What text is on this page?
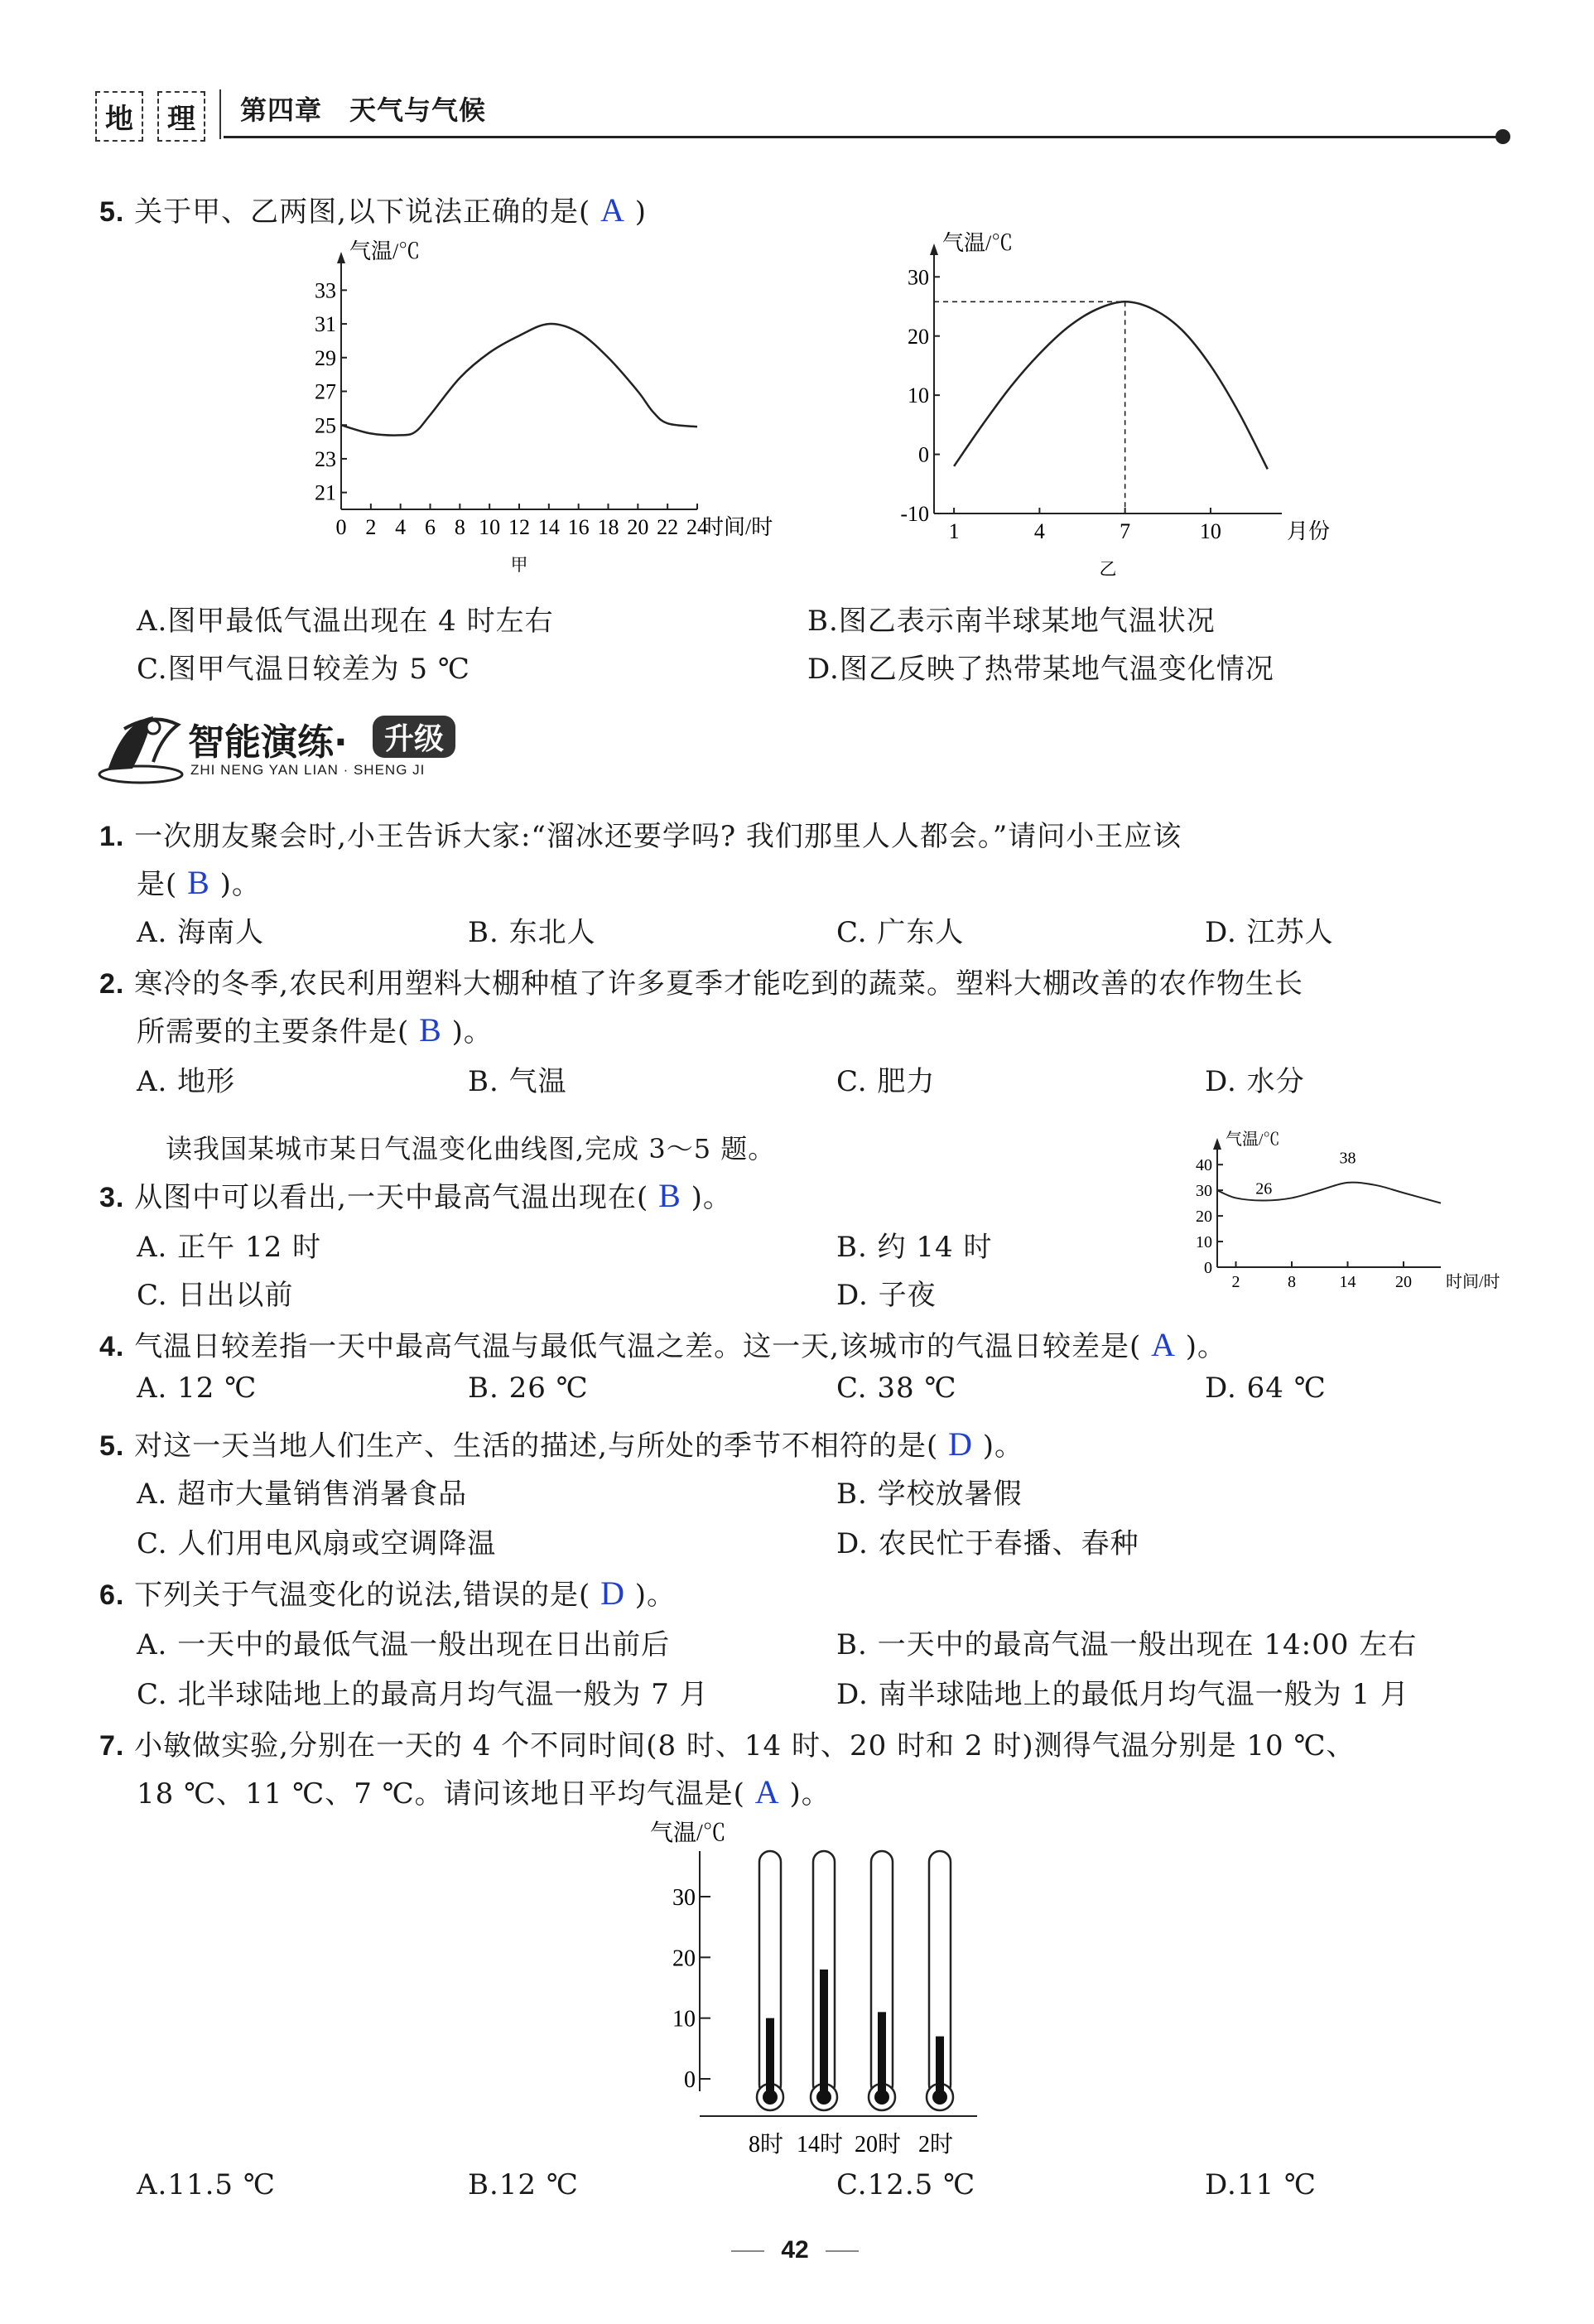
地	理	第四章　天气与气候
5. 关于甲、乙两图,以下说法正确的是( A )
21
23
25
27
29
31
33
0 2 4 6 8 10 12 14 16 18 20 22 24
气温/℃
时间/时
甲
-10
0
10
20
30
1	4	7	10
气温/℃
月份
乙
A.图甲最低气温出现在 4 时左右	B.图乙表示南半球某地气温状况
C.图甲气温日较差为 5 ℃	D.图乙反映了热带某地气温变化情况
智能演练·	升级
ZHI NENG YAN LIAN · SHENG JI
1. 一次朋友聚会时,小王告诉大家:“溜冰还要学吗? 我们那里人人都会。”请问小王应该
是( B )。
A. 海南人	B. 东北人	C. 广东人	D. 江苏人
2. 寒冷的冬季,农民利用塑料大棚种植了许多夏季才能吃到的蔬菜。塑料大棚改善的农作物生长
所需要的主要条件是( B )。
A. 地形	B. 气温	C. 肥力	D. 水分
读我国某城市某日气温变化曲线图,完成 3～5 题。
0
10
20
30
40
2	8	14 20
气温/℃
时间/时
26
38
3. 从图中可以看出,一天中最高气温出现在( B )。
A. 正午 12 时	B. 约 14 时
C. 日出以前	D. 子夜
4. 气温日较差指一天中最高气温与最低气温之差。这一天,该城市的气温日较差是( A )。
A. 12 ℃	B. 26 ℃	C. 38 ℃	D. 64 ℃
5. 对这一天当地人们生产、生活的描述,与所处的季节不相符的是( D )。
A. 超市大量销售消暑食品	B. 学校放暑假
C. 人们用电风扇或空调降温	D. 农民忙于春播、春种
6. 下列关于气温变化的说法,错误的是( D )。
A. 一天中的最低气温一般出现在日出前后	B. 一天中的最高气温一般出现在 14:00 左右
C. 北半球陆地上的最高月均气温一般为 7 月	D. 南半球陆地上的最低月均气温一般为 1 月
7. 小敏做实验,分别在一天的 4 个不同时间(8 时、14 时、20 时和 2 时)测得气温分别是 10 ℃、
18 ℃、11 ℃、7 ℃。请问该地日平均气温是( A )。
气温/℃
0
10
20
30
8时 14时 20时 2时
A.11.5 ℃	B.12 ℃	C.12.5 ℃	D.11 ℃
42
